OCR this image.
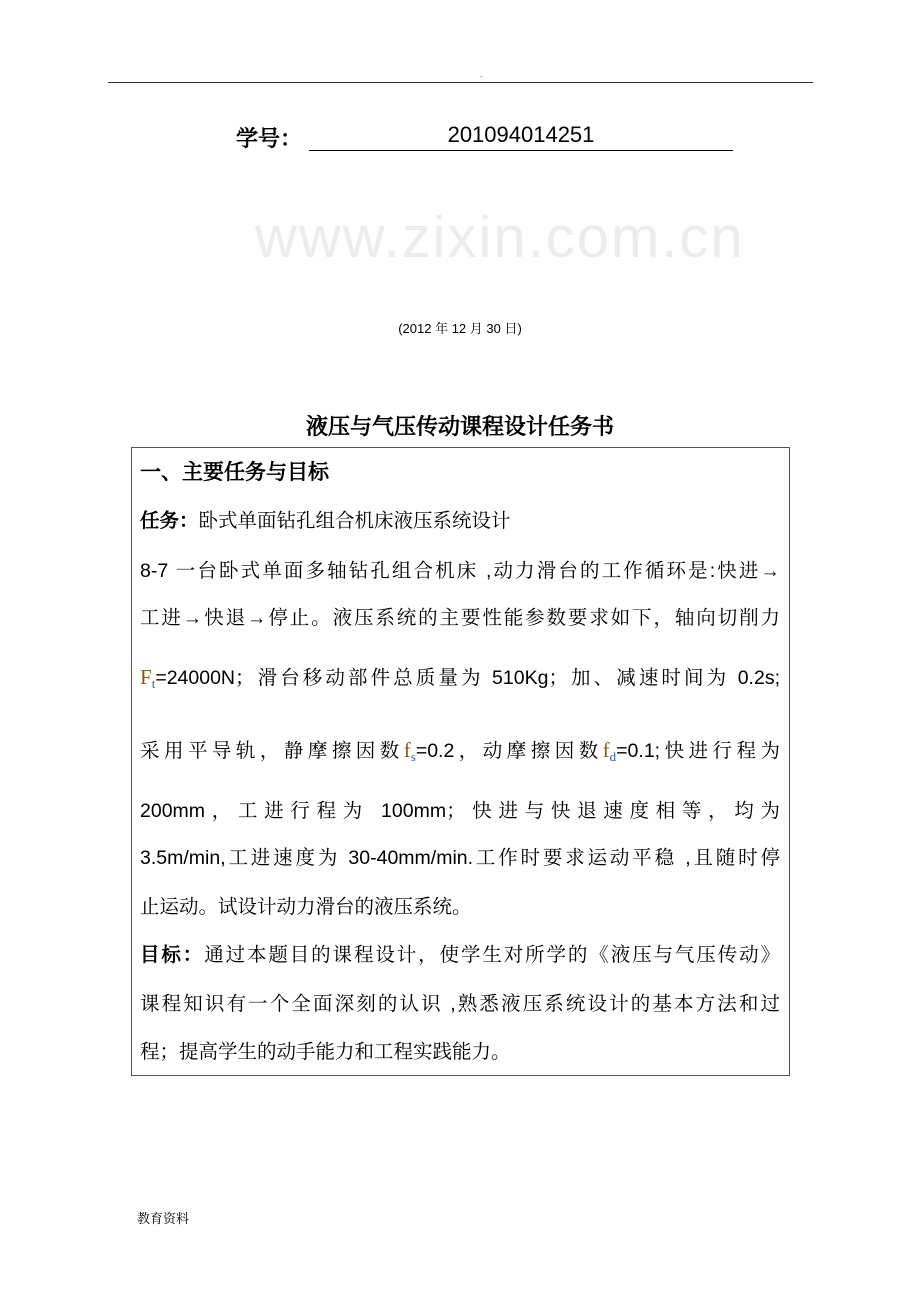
.
学号：	201094014251
www.zixin.com.cn
(2012 年 12 月 30 日)
液压与气压传动课程设计任务书
一、主要任务与目标
任务：卧式单面钻孔组合机床液压系统设计
8-7 一台卧式单面多轴钻孔组合机床 ,动力滑台的工作循环是:快进→
工进→快退→停止。液压系统的主要性能参数要求如下，轴向切削力
$F_t=24000N$；滑台移动部件总质量为 510Kg；加、减速时间为 0.2s;
采用平导轨，静摩擦因数$f_s=0.2$，动摩擦因数$f_d=0.1$;快进行程为
200mm，工进行程为 100mm；快进与快退速度相等，均为
3.5m/min,工进速度为 30-40mm/min.工作时要求运动平稳 ,且随时停
止运动。试设计动力滑台的液压系统。
目标：通过本题目的课程设计，使学生对所学的《液压与气压传动》
课程知识有一个全面深刻的认识 ,熟悉液压系统设计的基本方法和过
程；提高学生的动手能力和工程实践能力。
教育资料
